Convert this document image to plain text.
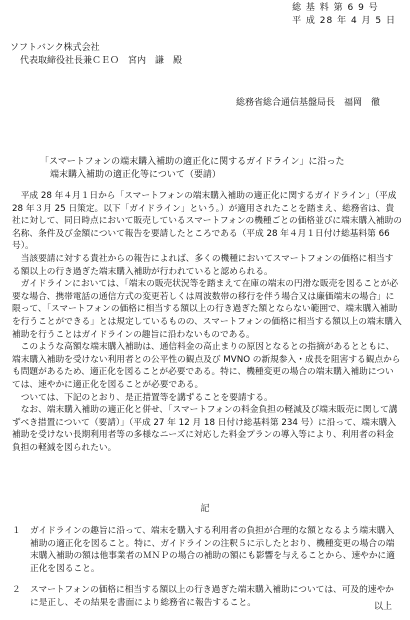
総 基 料 第 6 9 号
平 成 28 年 4 月 5 日
ソフトバンク株式会社
代表取締役社長兼ＣＥＯ　宮内　謙　殿
総務省総合通信基盤局長　福岡　徹
「スマートフォンの端末購入補助の適正化に関するガイドライン」に沿った
端末購入補助の適正化等について（要請）

　平成 28 年４月１日から「スマートフォンの端末購入補助の適正化に関するガイドライン」（平成 28 年３月 25 日策定。以下「ガイドライン」という。）が適用されたことを踏まえ、総務省は、貴社に対して、同日時点において販売しているスマートフォンの機種ごとの価格並びに端末購入補助の名称、条件及び金額について報告を要請したところである（平成 28 年４月１日付け総基料第 66 号）。

　当該要請に対する貴社からの報告によれば、多くの機種においてスマートフォンの価格に相当する額以上の行き過ぎた端末購入補助が行われていると認められる。

　ガイドラインにおいては、「端末の販売状況等を踏まえて在庫の端末の円滑な販売を図ることが必要な場合、携帯電話の通信方式の変更若しくは周波数帯の移行を伴う場合又は廉価端末の場合」に限って、「スマートフォンの価格に相当する額以上の行き過ぎた額とならない範囲で、端末購入補助を行うことができる」とは規定しているものの、スマートフォンの価格に相当する額以上の端末購入補助を行うことはガイドラインの趣旨に沿わないものである。

　このような高額な端末購入補助は、通信料金の高止まりの原因となるとの指摘があるとともに、端末購入補助を受けない利用者との公平性の観点及び MVNO の新規参入・成長を阻害する観点からも問題があるため、適正化を図ることが必要である。特に、機種変更の場合の端末購入補助については、速やかに適正化を図ることが必要である。

　ついては、下記のとおり、是正措置等を講ずることを要請する。

　なお、端末購入補助の適正化と併せ、「スマートフォンの料金負担の軽減及び端末販売に関して講ずべき措置について（要請）」（平成 27 年 12 月 18 日付け総基料第 234 号）に沿って、端末購入補助を受けない長期利用者等の多様なニーズに対応した料金プランの導入等により、利用者の料金負担の軽減を図られたい。

記
１	ガイドラインの趣旨に沿って、端末を購入する利用者の負担が合理的な額となるよう端末購入補助の適正化を図ること。特に、ガイドラインの注釈５に示したとおり、機種変更の場合の端末購入補助の額は他事業者のＭＮＰの場合の補助の額にも影響を与えることから、速やかに適正化を図ること。
２	スマートフォンの価格に相当する額以上の行き過ぎた端末購入補助については、可及的速やかに是正し、その結果を書面により総務省に報告すること。	以上
